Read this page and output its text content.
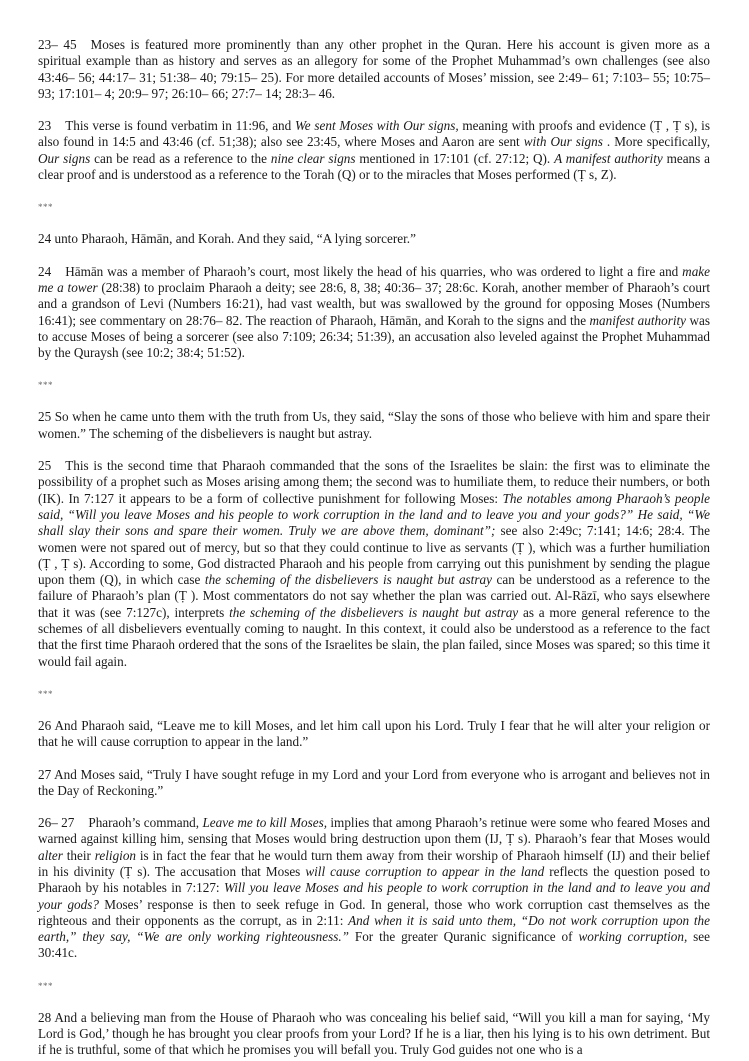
23– 45 Moses is featured more prominently than any other prophet in the Quran. Here his account is given more as a spiritual example than as history and serves as an allegory for some of the Prophet Muhammad’s own challenges (see also 43:46– 56; 44:17– 31; 51:38– 40; 79:15– 25). For more detailed accounts of Moses’ mission, see 2:49– 61; 7:103– 55; 10:75– 93; 17:101– 4; 20:9– 97; 26:10– 66; 27:7– 14; 28:3– 46.

23 This verse is found verbatim in 11:96, and We sent Moses with Our signs, meaning with proofs and evidence (Ṭ , Ṭ s), is also found in 14:5 and 43:46 (cf. 51;38); also see 23:45, where Moses and Aaron are sent with Our signs . More specifically, Our signs can be read as a reference to the nine clear signs mentioned in 17:101 (cf. 27:12; Q). A manifest authority means a clear proof and is understood as a reference to the Torah (Q) or to the miracles that Moses performed (Ṭ s, Z).

***

24 unto Pharaoh, Hāmān, and Korah. And they said, “A lying sorcerer.”

24 Hāmān was a member of Pharaoh’s court, most likely the head of his quarries, who was ordered to light a fire and make me a tower (28:38) to proclaim Pharaoh a deity; see 28:6, 8, 38; 40:36– 37; 28:6c. Korah, another member of Pharaoh’s court and a grandson of Levi (Numbers 16:21), had vast wealth, but was swallowed by the ground for opposing Moses (Numbers 16:41); see commentary on 28:76– 82. The reaction of Pharaoh, Hāmān, and Korah to the signs and the manifest authority was to accuse Moses of being a sorcerer (see also 7:109; 26:34; 51:39), an accusation also leveled against the Prophet Muhammad by the Quraysh (see 10:2; 38:4; 51:52).

***

25 So when he came unto them with the truth from Us, they said, “Slay the sons of those who believe with him and spare their women.” The scheming of the disbelievers is naught but astray.

25 This is the second time that Pharaoh commanded that the sons of the Israelites be slain: the first was to eliminate the possibility of a prophet such as Moses arising among them; the second was to humiliate them, to reduce their numbers, or both (IK). In 7:127 it appears to be a form of collective punishment for following Moses: The notables among Pharaoh’s people said, “Will you leave Moses and his people to work corruption in the land and to leave you and your gods?” He said, “We shall slay their sons and spare their women. Truly we are above them, dominant”; see also 2:49c; 7:141; 14:6; 28:4. The women were not spared out of mercy, but so that they could continue to live as servants (Ṭ ), which was a further humiliation (Ṭ , Ṭ s). According to some, God distracted Pharaoh and his people from carrying out this punishment by sending the plague upon them (Q), in which case the scheming of the disbelievers is naught but astray can be understood as a reference to the failure of Pharaoh’s plan (Ṭ ). Most commentators do not say whether the plan was carried out. Al-Rāzī, who says elsewhere that it was (see 7:127c), interprets the scheming of the disbelievers is naught but astray as a more general reference to the schemes of all disbelievers eventually coming to naught. In this context, it could also be understood as a reference to the fact that the first time Pharaoh ordered that the sons of the Israelites be slain, the plan failed, since Moses was spared; so this time it would fail again.

***

26 And Pharaoh said, “Leave me to kill Moses, and let him call upon his Lord. Truly I fear that he will alter your religion or that he will cause corruption to appear in the land.”

27 And Moses said, “Truly I have sought refuge in my Lord and your Lord from everyone who is arrogant and believes not in the Day of Reckoning.”

26– 27 Pharaoh’s command, Leave me to kill Moses, implies that among Pharaoh’s retinue were some who feared Moses and warned against killing him, sensing that Moses would bring destruction upon them (IJ, Ṭ s). Pharaoh’s fear that Moses would alter their religion is in fact the fear that he would turn them away from their worship of Pharaoh himself (IJ) and their belief in his divinity (Ṭ s). The accusation that Moses will cause corruption to appear in the land reflects the question posed to Pharaoh by his notables in 7:127: Will you leave Moses and his people to work corruption in the land and to leave you and your gods? Moses’ response is then to seek refuge in God. In general, those who work corruption cast themselves as the righteous and their opponents as the corrupt, as in 2:11: And when it is said unto them, “Do not work corruption upon the earth,” they say, “We are only working righteousness.” For the greater Quranic significance of working corruption, see 30:41c.

***

28 And a believing man from the House of Pharaoh who was concealing his belief said, “Will you kill a man for saying, ‘My Lord is God,’ though he has brought you clear proofs from your Lord? If he is a liar, then his lying is to his own detriment. But if he is truthful, some of that which he promises you will befall you. Truly God guides not one who is a
